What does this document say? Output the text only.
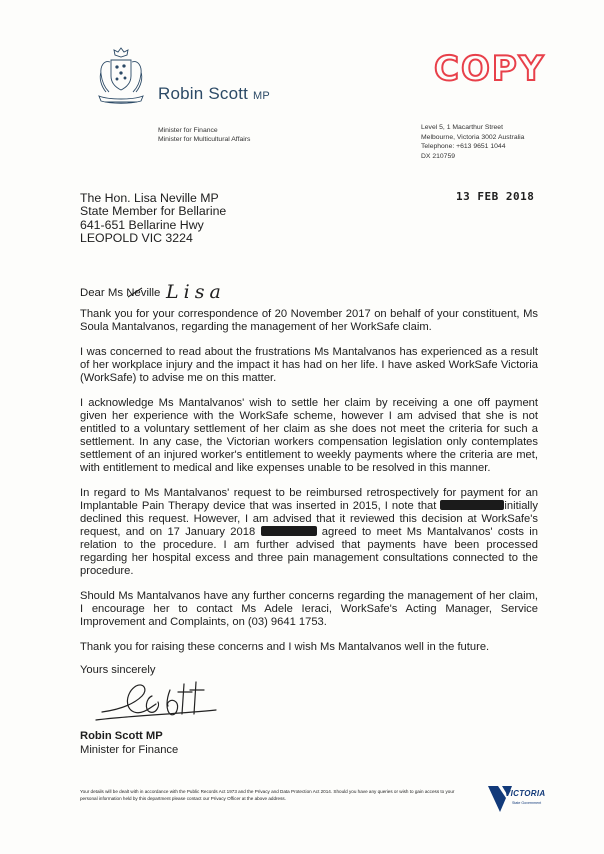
Robin Scott MP
Minister for Finance
Minister for Multicultural Affairs
COPY
Level 5, 1 Macarthur Street
Melbourne, Victoria 3002 Australia
Telephone: +613 9651 1044
DX 210759
13 FEB 2018
The Hon. Lisa Neville MP
State Member for Bellarine
641-651 Bellarine Hwy
LEOPOLD VIC 3224
Dear Ms Neville Lisa

Thank you for your correspondence of 20 November 2017 on behalf of your constituent, Ms Soula Mantalvanos, regarding the management of her WorkSafe claim.

I was concerned to read about the frustrations Ms Mantalvanos has experienced as a result of her workplace injury and the impact it has had on her life. I have asked WorkSafe Victoria (WorkSafe) to advise me on this matter.

I acknowledge Ms Mantalvanos' wish to settle her claim by receiving a one off payment given her experience with the WorkSafe scheme, however I am advised that she is not entitled to a voluntary settlement of her claim as she does not meet the criteria for such a settlement. In any case, the Victorian workers compensation legislation only contemplates settlement of an injured worker's entitlement to weekly payments where the criteria are met, with entitlement to medical and like expenses unable to be resolved in this manner.

In regard to Ms Mantalvanos' request to be reimbursed retrospectively for payment for an Implantable Pain Therapy device that was inserted in 2015, I note that	initially declined this request. However, I am advised that it reviewed this decision at WorkSafe's request, and on 17 January 2018	agreed to meet Ms Mantalvanos' costs in relation to the procedure. I am further advised that payments have been processed regarding her hospital excess and three pain management consultations connected to the procedure.

Should Ms Mantalvanos have any further concerns regarding the management of her claim, I encourage her to contact Ms Adele Ieraci, WorkSafe's Acting Manager, Service Improvement and Complaints, on (03) 9641 1753.

Thank you for raising these concerns and I wish Ms Mantalvanos well in the future.

Yours sincerely
Robin Scott MP
Minister for Finance
Your details will be dealt with in accordance with the Public Records Act 1973 and the Privacy and Data Protection Act 2014. Should you have any queries or wish to gain access to your personal information held by this department please contact our Privacy Officer at the above address.
VICTORIA
State Government
